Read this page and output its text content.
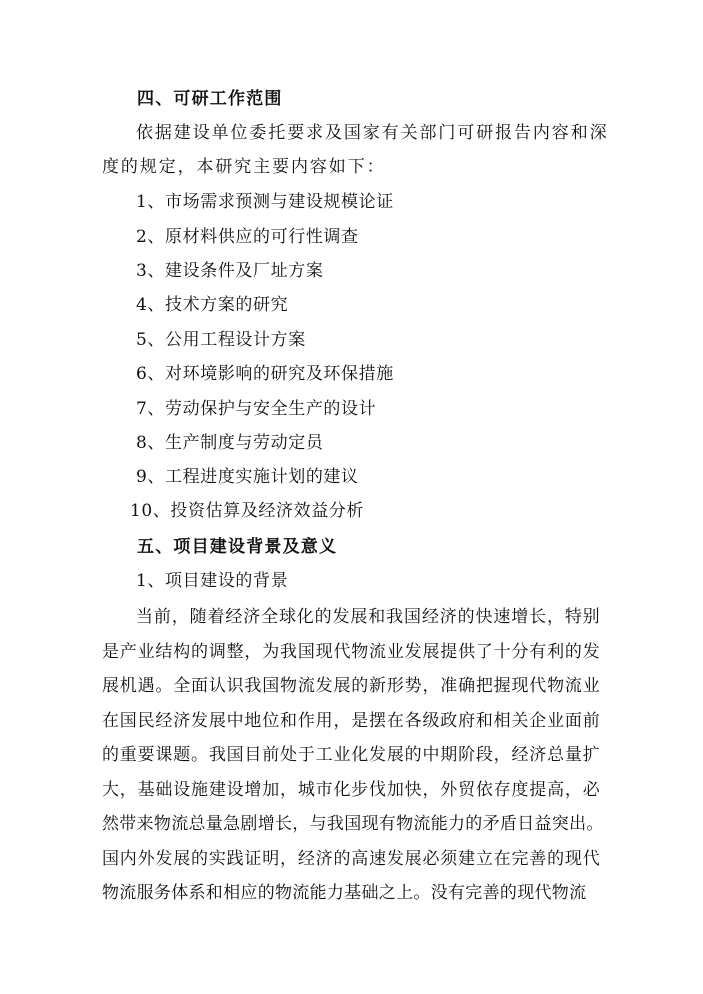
四、可研工作范围
依据建设单位委托要求及国家有关部门可研报告内容和深
度的规定，本研究主要内容如下：
1、市场需求预测与建设规模论证
2、原材料供应的可行性调查
3、建设条件及厂址方案
4、技术方案的研究
5、公用工程设计方案
6、对环境影响的研究及环保措施
7、劳动保护与安全生产的设计
8、生产制度与劳动定员
9、工程进度实施计划的建议
10、投资估算及经济效益分析
五、项目建设背景及意义
1、项目建设的背景
当前，随着经济全球化的发展和我国经济的快速增长，特别
是产业结构的调整，为我国现代物流业发展提供了十分有利的发
展机遇。全面认识我国物流发展的新形势，准确把握现代物流业
在国民经济发展中地位和作用，是摆在各级政府和相关企业面前
的重要课题。我国目前处于工业化发展的中期阶段，经济总量扩
大，基础设施建设增加，城市化步伐加快，外贸依存度提高，必
然带来物流总量急剧增长，与我国现有物流能力的矛盾日益突出。
国内外发展的实践证明，经济的高速发展必须建立在完善的现代
物流服务体系和相应的物流能力基础之上。没有完善的现代物流
